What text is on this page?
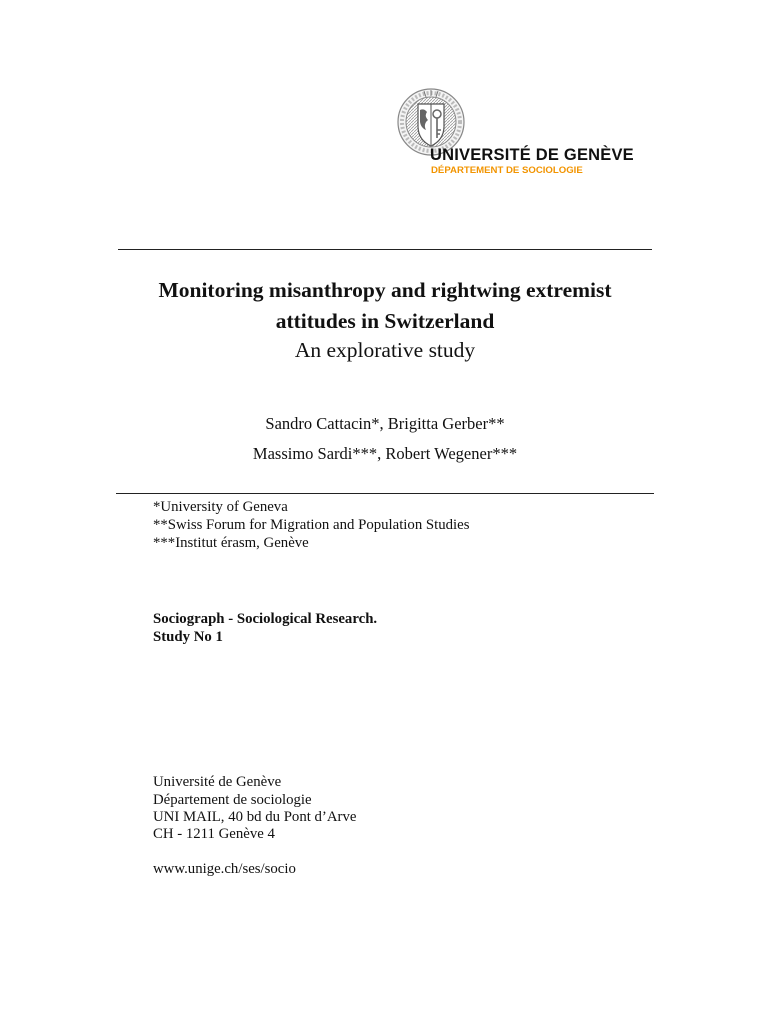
UNIVERSITÉ DE GENÈVE
DÉPARTEMENT DE SOCIOLOGIE
Monitoring misanthropy and rightwing extremist
attitudes in Switzerland
An explorative study
Sandro Cattacin*, Brigitta Gerber**
Massimo Sardi***, Robert Wegener***
*University of Geneva
**Swiss Forum for Migration and Population Studies
***Institut érasm, Genève
Sociograph - Sociological Research.
Study No 1
Université de Genève
Département de sociologie
UNI MAIL, 40 bd du Pont d’Arve
CH - 1211 Genève 4
www.unige.ch/ses/socio
